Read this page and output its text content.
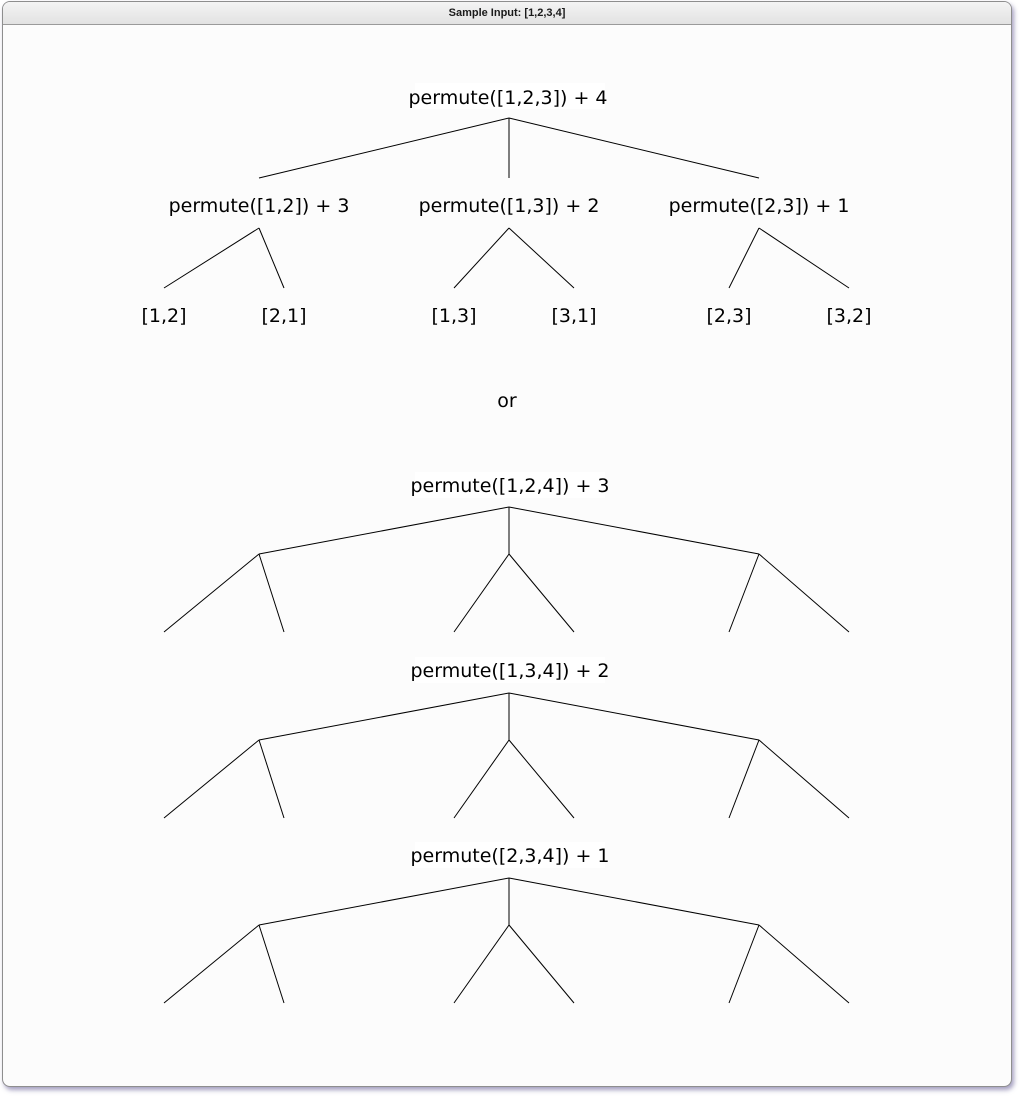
Sample Input: [1,2,3,4]
permute([1,2,3]) + 4
permute([1,2]) + 3	permute([1,3]) + 2	permute([2,3]) + 1
[1,2]	[2,1]	[1,3]	[3,1]	[2,3]	[3,2]
or
permute([1,2,4]) + 3
permute([1,3,4]) + 2
permute([2,3,4]) + 1
